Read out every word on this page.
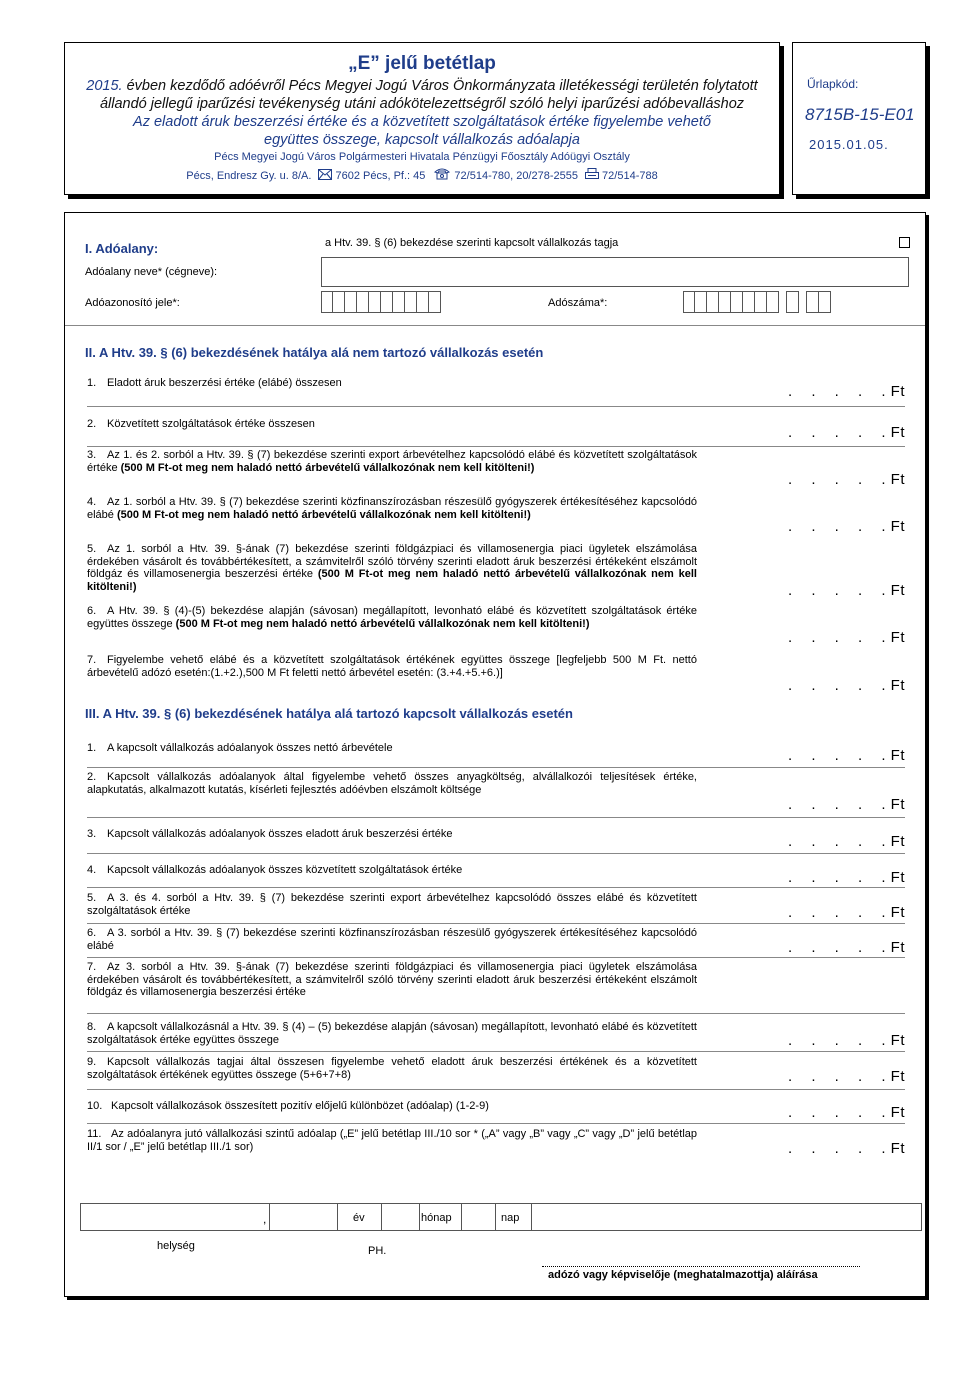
„E” jelű betétlap
2015. évben kezdődő adóévről Pécs Megyei Jogú Város Önkormányzata illetékességi területén folytatott
állandó jellegű iparűzési tevékenység utáni adókötelezettségről szóló helyi iparűzési adóbevalláshoz
Az eladott áruk beszerzési értéke és a közvetített szolgáltatások értéke figyelembe vehető
együttes összege, kapcsolt vállalkozás adóalapja
Pécs Megyei Jogú Város Polgármesteri Hivatala Pénzügyi Főosztály Adóügyi Osztály
Pécs, Endresz Gy. u. 8/A. 7602 Pécs, Pf.: 45	72/514-780, 20/278-2555 72/514-788
Űrlapkód:
8715B-15-E01
2015.01.05.
I. Adóalany:	a Htv. 39. § (6) bekezdése szerinti kapcsolt vállalkozás tagja
Adóalany neve* (cégneve):
Adóazonosító jele*:	Adószáma*:
II. A Htv. 39. § (6) bekezdésének hatálya alá nem tartozó vállalkozás esetén
1. Eladott áruk beszerzési értéke (elábé) összesen	.    .    .    .    . Ft
2. Közvetített szolgáltatások értéke összesen	.    .    .    .    . Ft
3. Az 1. és 2. sorból a Htv. 39. § (7) bekezdése szerinti export árbevételhez kapcsolódó elábé és közvetített szolgáltatások értéke (500 M Ft-ot meg nem haladó nettó árbevételű vállalkozónak nem kell kitölteni!)
.    .    .    .    . Ft
4. Az 1. sorból a Htv. 39. § (7) bekezdése szerinti közfinanszírozásban részesülő gyógyszerek értékesítéséhez kapcsolódó elábé (500 M Ft-ot meg nem haladó nettó árbevételű vállalkozónak nem kell kitölteni!)
.    .    .    .    . Ft
5. Az 1. sorból a Htv. 39. §-ának (7) bekezdése szerinti földgázpiaci és villamosenergia piaci ügyletek elszámolása érdekében vásárolt és továbbértékesített, a számvitelről szóló törvény szerinti eladott áruk beszerzési értékeként elszámolt földgáz és villamosenergia beszerzési értéke (500 M Ft-ot meg nem haladó nettó árbevételű vállalkozónak nem kell kitölteni!)	.    .    .    .    . Ft
6. A Htv. 39. § (4)-(5) bekezdése alapján (sávosan) megállapított, levonható elábé és közvetített szolgáltatások értéke együttes összege (500 M Ft-ot meg nem haladó nettó árbevételű vállalkozónak nem kell kitölteni!)
.    .    .    .    . Ft
7. Figyelembe vehető elábé és a közvetített szolgáltatások értékének együttes összege [legfeljebb 500 M Ft. nettó árbevételű adózó esetén:(1.+2.),500 M Ft feletti nettó árbevétel esetén: (3.+4.+5.+6.)]
.    .    .    .    . Ft
III. A Htv. 39. § (6) bekezdésének hatálya alá tartozó kapcsolt vállalkozás esetén
1. A kapcsolt vállalkozás adóalanyok összes nettó árbevétele	.    .    .    .    . Ft
2. Kapcsolt vállalkozás adóalanyok által figyelembe vehető összes anyagköltség, alvállalkozói teljesítések értéke, alapkutatás, alkalmazott kutatás, kísérleti fejlesztés adóévben elszámolt költsége
.    .    .    .    . Ft
3. Kapcsolt vállalkozás adóalanyok összes eladott áruk beszerzési értéke	.    .    .    .    . Ft
4. Kapcsolt vállalkozás adóalanyok összes közvetített szolgáltatások értéke	.    .    .    .    . Ft
5. A 3. és 4. sorból a Htv. 39. § (7) bekezdése szerinti export árbevételhez kapcsolódó összes elábé és közvetített szolgáltatások értéke	.    .    .    .    . Ft
6. A 3. sorból a Htv. 39. § (7) bekezdése szerinti közfinanszírozásban részesülő gyógyszerek értékesítéséhez kapcsolódó elábé	.    .    .    .    . Ft
7. Az 3. sorból a Htv. 39. §-ának (7) bekezdése szerinti földgázpiaci és villamosenergia piaci ügyletek elszámolása érdekében vásárolt és továbbértékesített, a számvitelről szóló törvény szerinti eladott áruk beszerzési értékeként elszámolt földgáz és villamosenergia beszerzési értéke
8. A kapcsolt vállalkozásnál a Htv. 39. § (4) – (5) bekezdése alapján (sávosan) megállapított, levonható elábé és közvetített szolgáltatások értéke együttes összege	.    .    .    .    . Ft
9. Kapcsolt vállalkozás tagjai által összesen figyelembe vehető eladott áruk beszerzési értékének és a közvetített szolgáltatások értékének együttes összege (5+6+7+8)	.    .    .    .    . Ft
10. Kapcsolt vállalkozások összesített pozitív előjelű különbözet (adóalap) (1-2-9)	.    .    .    .    . Ft
11. Az adóalanyra jutó vállalkozási szintű adóalap („E” jelű betétlap III./10 sor * („A” vagy „B” vagy „C” vagy „D” jelű betétlap II/1 sor / „E” jelű betétlap III./1 sor)	.    .    .    .    . Ft
,	év	hónap	nap
helység	PH.
adózó vagy képviselője (meghatalmazottja) aláírása
